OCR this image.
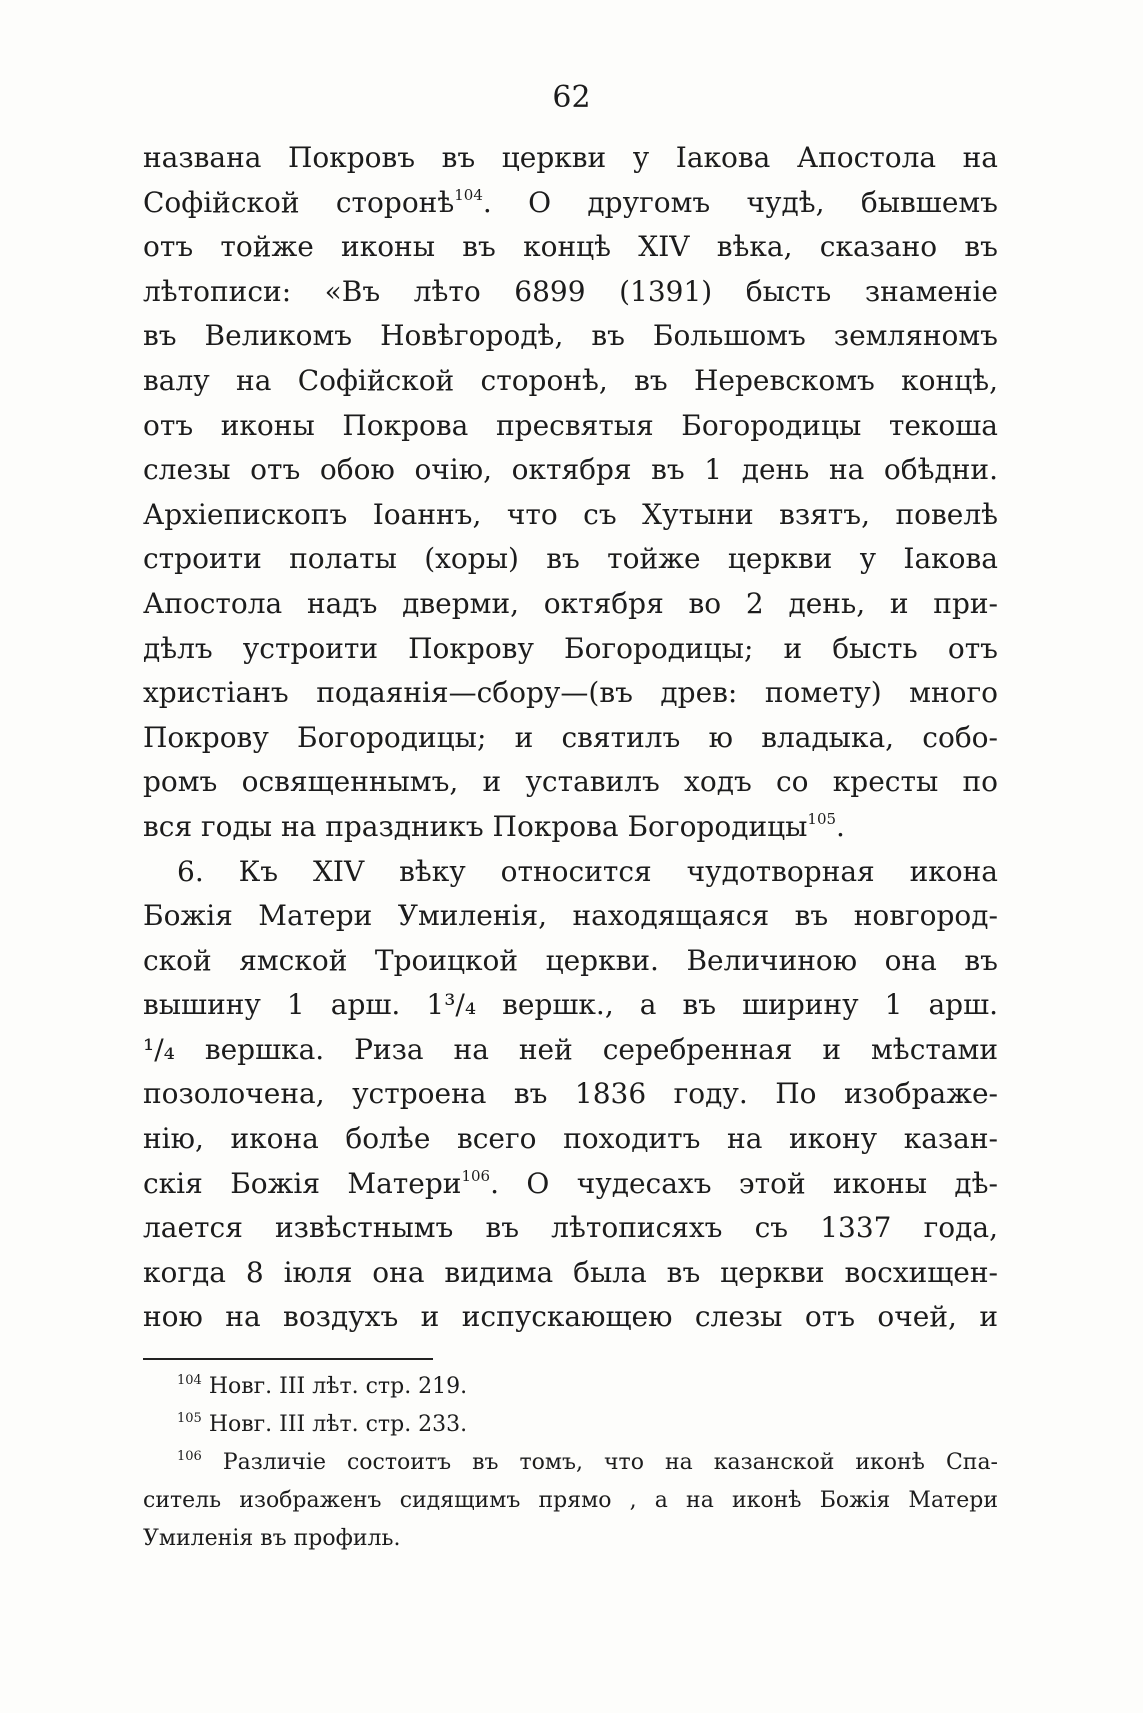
62
названа Покровъ въ церкви у Іакова Апостола на
Софійской сторонѣ$^{104}$. О другомъ чудѣ, бывшемъ
отъ тойже иконы въ концѣ XIV вѣка, сказано въ
лѣтописи: «Въ лѣто 6899 (1391) бысть знаменіе
въ Великомъ Новѣгородѣ, въ Большомъ земляномъ
валу на Софійской сторонѣ, въ Неревскомъ концѣ,
отъ иконы Покрова пресвятыя Богородицы текоша
слезы отъ обою очію, октября въ 1 день на обѣдни.
Архіепископъ Іоаннъ, что съ Хутыни взятъ, повелѣ
строити полаты (хоры) въ тойже церкви у Іакова
Апостола надъ дверми, октября во 2 день, и при-
дѣлъ устроити Покрову Богородицы; и бысть отъ
христіанъ подаянія—сбору—(въ древ: помету) много
Покрову Богородицы; и святилъ ю владыка, собо-
ромъ освященнымъ, и уставилъ ходъ со кресты по
вся годы на праздникъ Покрова Богородицы$^{105}$.
6. Къ XIV вѣку относится чудотворная икона
Божія Матери Умиленія, находящаяся въ новгород-
ской ямской Троицкой церкви. Величиною она въ
вышину 1 арш. 1³/₄ вершк., а въ ширину 1 арш.
¹/₄ вершка. Риза на ней серебренная и мѣстами
позолочена, устроена въ 1836 году. По изображе-
нію, икона болѣе всего походитъ на икону казан-
скія Божія Матери$^{106}$. О чудесахъ этой иконы дѣ-
лается извѣстнымъ въ лѣтописяхъ съ 1337 года,
когда 8 іюля она видима была въ церкви восхищен-
ною на воздухъ и испускающею слезы отъ очей, и
$^{104}$ Новг. III лѣт. стр. 219.
$^{105}$ Новг. III лѣт. стр. 233.
$^{106}$ Различіе состоитъ въ томъ, что на казанской иконѣ Спа-
ситель изображенъ сидящимъ прямо , а на иконѣ Божія Матери
Умиленія въ профиль.
